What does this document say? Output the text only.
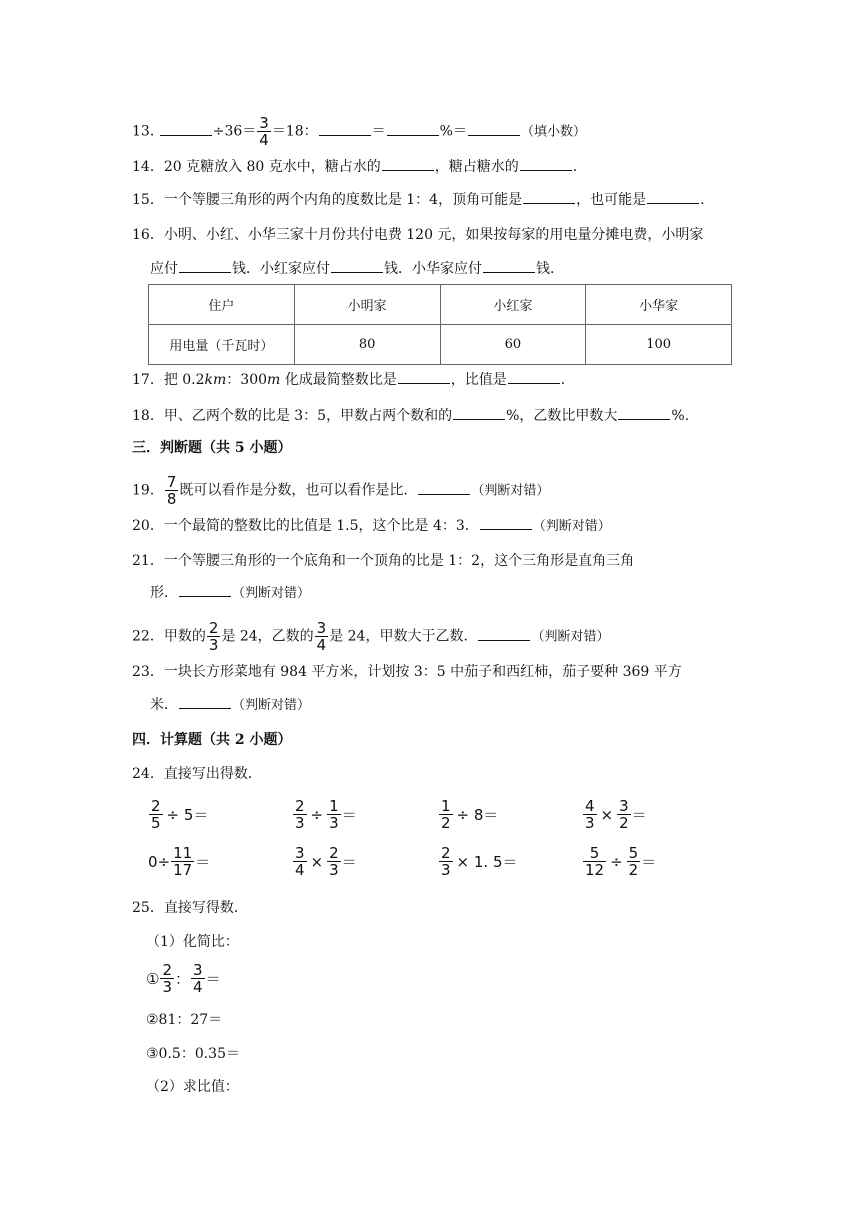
13.	$\div 36= \frac{3}{4} =18$：	＝	%＝	（填小数）
14．20 克糖放入 80 克水中，糖占水的	，糖占糖水的	.
15．一个等腰三角形的两个内角的度数比是 1：4，顶角可能是	，也可能是	.
16．小明、小红、小华三家十月份共付电费 120 元，如果按每家的用电量分摊电费，小明家
应付	钱．小红家应付	钱．小华家应付	钱.
住户	小明家	小红家	小华家
用电量（千瓦时）	80	60	100
17．把 0.2km：300m 化成最简整数比是	，比值是	.
18．甲、乙两个数的比是 3：5，甲数占两个数和的	%，乙数比甲数大	%.
三．判断题（共 5 小题）
19． $\frac{7}{8}$ 既可以看作是分数，也可以看作是比．	（判断对错）
20．一个最简的整数比的比值是 1.5，这个比是 4：3．	（判断对错）
21．一个等腰三角形的一个底角和一个顶角的比是 1：2，这个三角形是直角三角
形．	（判断对错）
22．甲数的 $\frac{2}{3}$ 是 24，乙数的 $\frac{3}{4}$ 是 24，甲数大于乙数．	（判断对错）
23．一块长方形菜地有 984 平方米，计划按 3：5 中茄子和西红柿，茄子要种 369 平方
米．	（判断对错）
四．计算题（共 2 小题）
24．直接写出得数．
$\frac{2}{5} \div 5=$	$\frac{2}{3} \div \frac{1}{3}$ ＝	$\frac{1}{2} \div 8=$	$\frac{4}{3} \times \frac{3}{2}$ ＝
$0\div \frac{11}{17}$ ＝	$\frac{3}{4} \times \frac{2}{3}$ ＝	$\frac{2}{3} \times 1$. 5＝	$\frac{5}{12} \div \frac{5}{2}$ ＝
25．直接写得数．
（1）化简比：
① $\frac{2}{3}$ ： $\frac{3}{4}$ ＝
②81：27＝
③0.5：0.35＝
（2）求比值：
